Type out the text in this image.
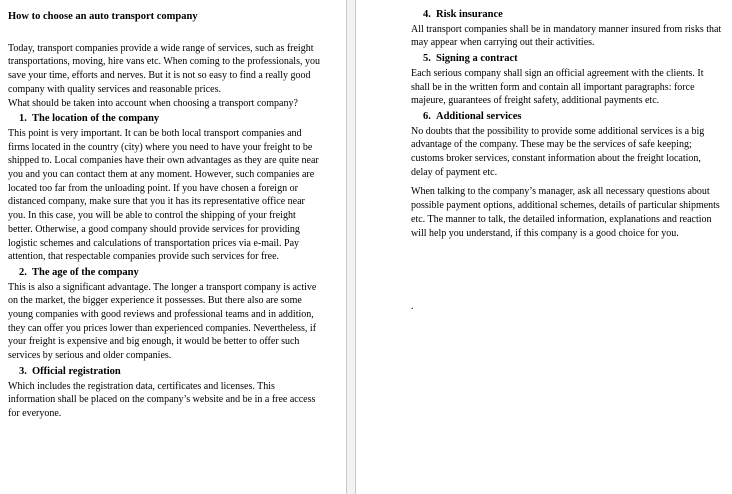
How to choose an auto transport company

Today, transport companies provide a wide range of services, such as freight transportations, moving, hire vans etc. When coming to the professionals, you save your time, efforts and nerves. But it is not so easy to find a really good company with quality services and reasonable prices.

What should be taken into account when choosing a transport company?

1. The location of the company

This point is very important. It can be both local transport companies and firms located in the country (city) where you need to have your freight to be shipped to. Local companies have their own advantages as they are quite near you and you can contact them at any moment. However, such companies are located too far from the unloading point. If you have chosen a foreign or distanced company, make sure that you it has its representative office near you. In this case, you will be able to control the shipping of your freight better. Otherwise, a good company should provide services for providing logistic schemes and calculations of transportation prices via e-mail. Pay attention, that respectable companies provide such services for free.

2. The age of the company

This is also a significant advantage. The longer a transport company is active on the market, the bigger experience it possesses. But there also are some young companies with good reviews and professional teams and in addition, they can offer you prices lower than experienced companies. Nevertheless, if your freight is expensive and big enough, it would be better to offer such services by serious and older companies.

3. Official registration

Which includes the registration data, certificates and licenses. This information shall be placed on the company’s website and be in a free access for everyone.

4. Risk insurance

All transport companies shall be in mandatory manner insured from risks that may appear when carrying out their activities.

5. Signing a contract

Each serious company shall sign an official agreement with the clients. It shall be in the written form and contain all important paragraphs: force majeure, guarantees of freight safety, additional payments etc.

6. Additional services

No doubts that the possibility to provide some additional services is a big advantage of the company. These may be the services of safe keeping; customs broker services, constant information about the freight location, delay of payment etc.

When talking to the company’s manager, ask all necessary questions about possible payment options, additional schemes, details of particular shipments etc. The manner to talk, the detailed information, explanations and reaction will help you understand, if this company is a good choice for you.

.
